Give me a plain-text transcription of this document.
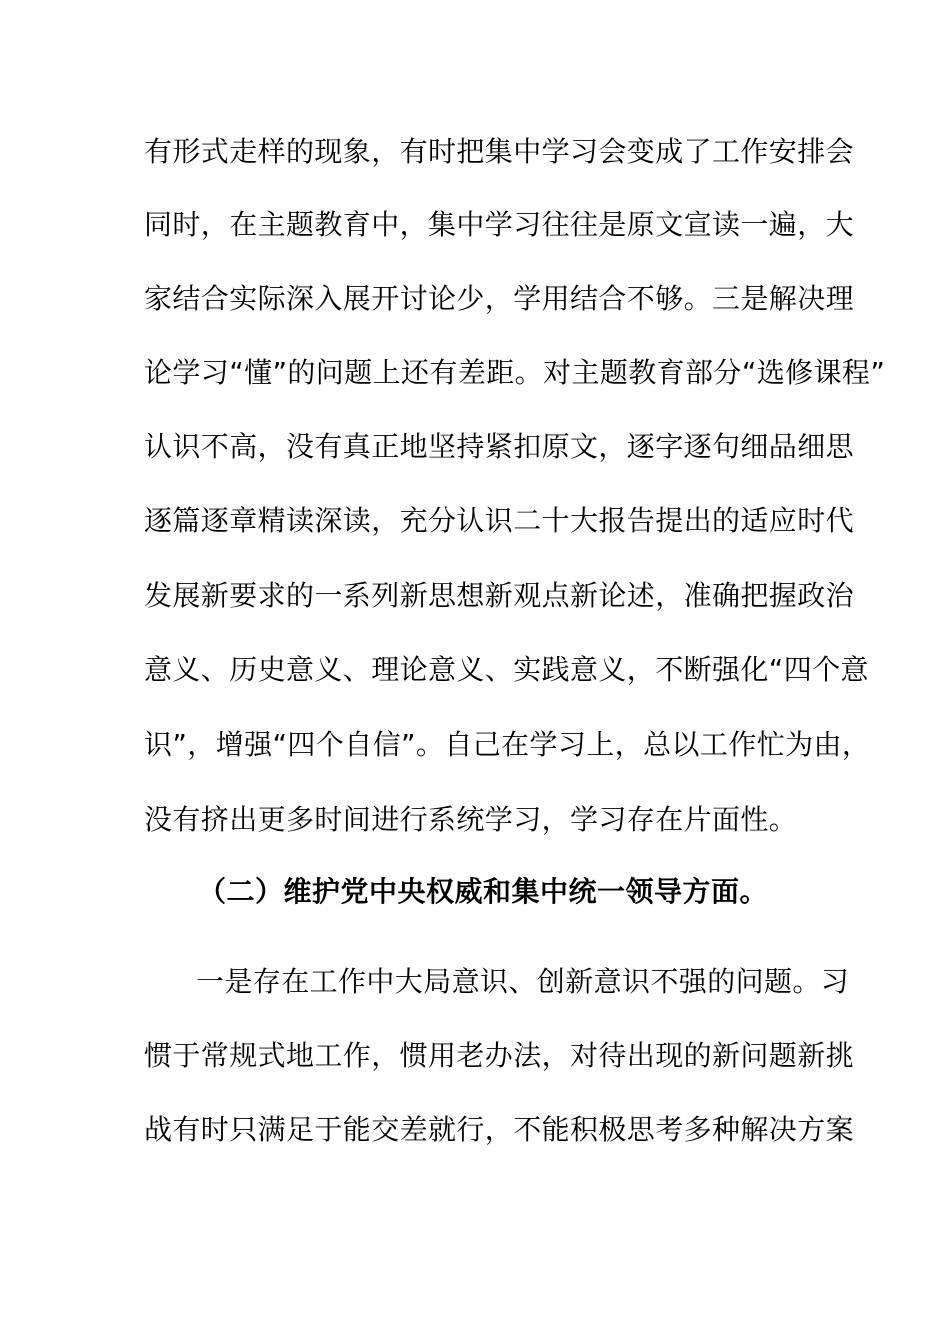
有形式走样的现象，有时把集中学习会变成了工作安排会
同时，在主题教育中，集中学习往往是原文宣读一遍，大
家结合实际深入展开讨论少，学用结合不够。三是解决理
论学习“懂”的问题上还有差距。对主题教育部分“选修课程”
认识不高，没有真正地坚持紧扣原文，逐字逐句细品细思
逐篇逐章精读深读，充分认识二十大报告提出的适应时代
发展新要求的一系列新思想新观点新论述，准确把握政治
意义、历史意义、理论意义、实践意义，不断强化“四个意
识”，增强“四个自信”。自己在学习上，总以工作忙为由，
没有挤出更多时间进行系统学习，学习存在片面性。
（二）维护党中央权威和集中统一领导方面。
一是存在工作中大局意识、创新意识不强的问题。习
惯于常规式地工作，惯用老办法，对待出现的新问题新挑
战有时只满足于能交差就行，不能积极思考多种解决方案
